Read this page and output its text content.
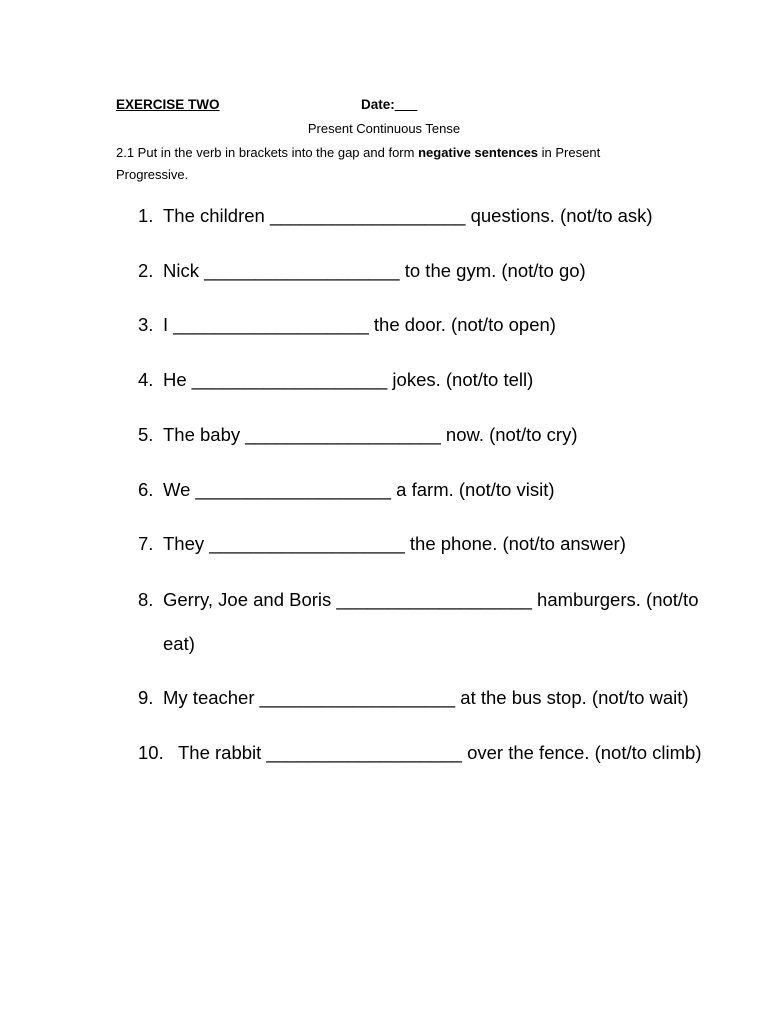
EXERCISE TWO	Date:___
Present Continuous Tense
2.1 Put in the verb in brackets into the gap and form negative sentences in Present Progressive.
1. The children ___________________ questions. (not/to ask)
2. Nick ___________________ to the gym. (not/to go)
3. I ___________________ the door. (not/to open)
4. He ___________________ jokes. (not/to tell)
5. The baby ___________________ now. (not/to cry)
6. We ___________________ a farm. (not/to visit)
7. They ___________________ the phone. (not/to answer)
8. Gerry, Joe and Boris ___________________ hamburgers. (not/to
eat)
9. My teacher ___________________ at the bus stop. (not/to wait)
10. The rabbit ___________________ over the fence. (not/to climb)
